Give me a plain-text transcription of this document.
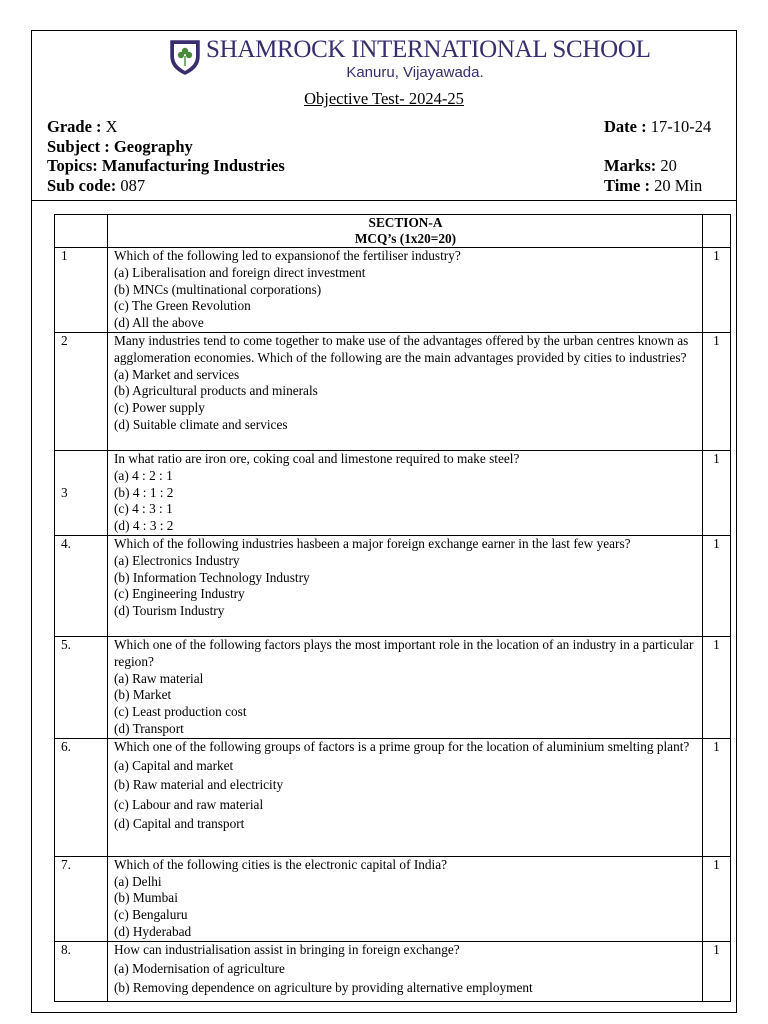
SHAMROCK INTERNATIONAL SCHOOL
Kanuru, Vijayawada.
Objective Test- 2024-25
Grade : X
Subject : Geography
Topics: Manufacturing Industries
Sub code: 087
Date : 17-10-24
Marks: 20
Time : 20 Min

	SECTION-A
MCQ’s (1x20=20)	

1	Which of the following led to expansionof the fertiliser industry?
(a) Liberalisation and foreign direct investment
(b) MNCs (multinational corporations)
(c) The Green Revolution
(d) All the above	1
2	Many industries tend to come together to make use of the advantages offered by the urban centres known as agglomeration economies. Which of the following are the main advantages provided by cities to industries?
(a) Market and services
(b) Agricultural products and minerals
(c) Power supply
(d) Suitable climate and services	1
3	In what ratio are iron ore, coking coal and limestone required to make steel?
(a) 4 : 2 : 1
(b) 4 : 1 : 2
(c) 4 : 3 : 1
(d) 4 : 3 : 2	1
4.	Which of the following industries hasbeen a major foreign exchange earner in the last few years?
(a) Electronics Industry
(b) Information Technology Industry
(c) Engineering Industry
(d) Tourism Industry	1
5.	Which one of the following factors plays the most important role in the location of an industry in a particular region?
(a) Raw material
(b) Market
(c) Least production cost
(d) Transport	1
6.	Which one of the following groups of factors is a prime group for the location of aluminium smelting plant?
(a) Capital and market
(b) Raw material and electricity
(c) Labour and raw material
(d) Capital and transport	1
7.	Which of the following cities is the electronic capital of India?
(a) Delhi
(b) Mumbai
(c) Bengaluru
(d) Hyderabad	1
8.	How can industrialisation assist in bringing in foreign exchange?
(a) Modernisation of agriculture
(b) Removing dependence on agriculture by providing alternative employment	1
